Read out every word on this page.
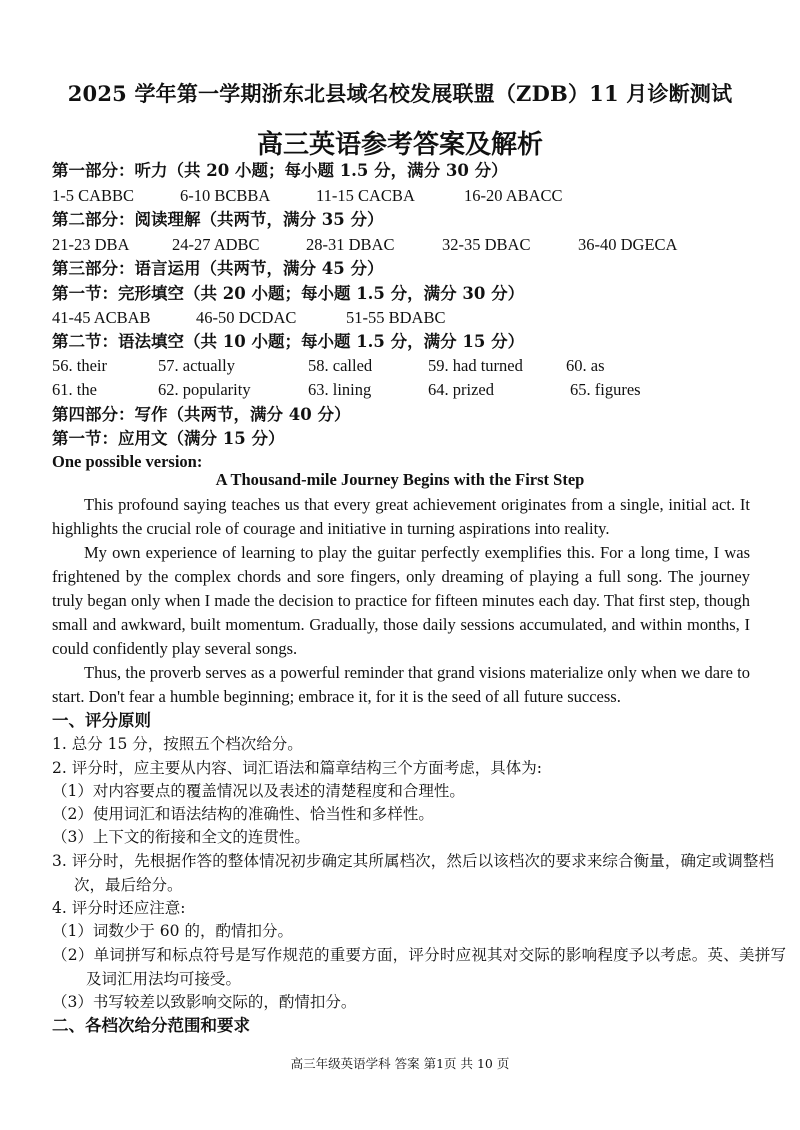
2025 学年第一学期浙东北县域名校发展联盟（ZDB）11 月诊断测试
高三英语参考答案及解析
第一部分：听力（共 20 小题；每小题 1.5 分，满分 30 分）
1-5 CABBC	6-10 BCBBA	11-15 CACBA	16-20 ABACC
第二部分：阅读理解（共两节，满分 35 分）
21-23 DBA	24-27 ADBC	28-31 DBAC	32-35 DBAC	36-40 DGECA
第三部分：语言运用（共两节，满分 45 分）
第一节：完形填空（共 20 小题；每小题 1.5 分，满分 30 分）
41-45 ACBAB	46-50 DCDAC	51-55 BDABC
第二节：语法填空（共 10 小题；每小题 1.5 分，满分 15 分）
56. their	57. actually	58. called	59. had turned	60. as
61. the	62. popularity	63. lining	64. prized	65. figures
第四部分：写作（共两节，满分 40 分）
第一节：应用文（满分 15 分）
One possible version:
A Thousand-mile Journey Begins with the First Step
This profound saying teaches us that every great achievement originates from a single, initial act. It highlights the crucial role of courage and initiative in turning aspirations into reality.
My own experience of learning to play the guitar perfectly exemplifies this. For a long time, I was frightened by the complex chords and sore fingers, only dreaming of playing a full song. The journey truly began only when I made the decision to practice for fifteen minutes each day. That first step, though small and awkward, built momentum. Gradually, those daily sessions accumulated, and within months, I could confidently play several songs.
Thus, the proverb serves as a powerful reminder that grand visions materialize only when we dare to start. Don't fear a humble beginning; embrace it, for it is the seed of all future success.
一、评分原则
1. 总分 15 分，按照五个档次给分。
2. 评分时，应主要从内容、词汇语法和篇章结构三个方面考虑，具体为:
（1）对内容要点的覆盖情况以及表述的清楚程度和合理性。
（2）使用词汇和语法结构的准确性、恰当性和多样性。
（3）上下文的衔接和全文的连贯性。
3. 评分时，先根据作答的整体情况初步确定其所属档次，然后以该档次的要求来综合衡量，确定或调整档次，最后给分。
4. 评分时还应注意:
（1）词数少于 60 的，酌情扣分。
（2）单词拼写和标点符号是写作规范的重要方面，评分时应视其对交际的影响程度予以考虑。英、美拼写及词汇用法均可接受。
（3）书写较差以致影响交际的，酌情扣分。
二、各档次给分范围和要求
高三年级英语学科 答案 第1页 共 10 页
